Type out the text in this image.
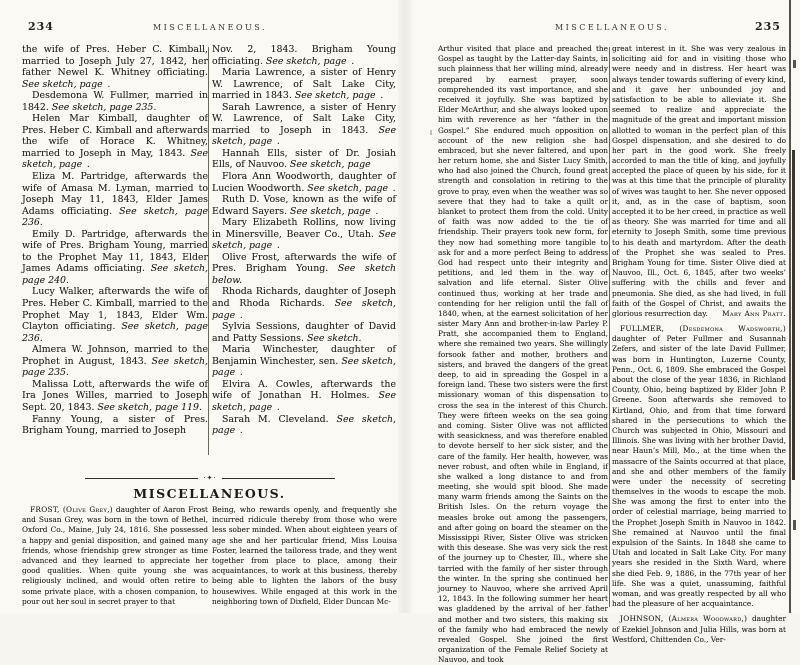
234	MISCELLANEOUS.

the wife of Pres. Heber C. Kimball, married to Joseph July 27, 1842, her father Newel K. Whitney officiating. See sketch, page .

Desdemona W. Fullmer, married in 1842. See sketch, page 235.

Helen Mar Kimball, daughter of Pres. Heber C. Kimball and afterwards the wife of Horace K. Whitney, married to Joseph in May, 1843. See sketch, page .

Eliza M. Partridge, afterwards the wife of Amasa M. Lyman, married to Joseph May 11, 1843, Elder James Adams officiating. See sketch, page 236.

Emily D. Partridge, afterwards the wife of Pres. Brigham Young, married to the Prophet May 11, 1843, Elder James Adams officiating. See sketch, page 240.

Lucy Walker, afterwards the wife of Pres. Heber C. Kimball, married to the Prophet May 1, 1843, Elder Wm. Clayton officiating. See sketch, page 236.

Almera W. Johnson, married to the Prophet in August, 1843. See sketch, page 235.

Malissa Lott, afterwards the wife of Ira Jones Willes, married to Joseph Sept. 20, 1843. See sketch, page 119.

Fanny Young, a sister of Pres. Brigham Young, married to Joseph

Nov. 2, 1843. Brigham Young officiating. See sketch, page .

Maria Lawrence, a sister of Henry W. Lawrence, of Salt Lake City, married in 1843. See sketch, page .

Sarah Lawrence, a sister of Henry W. Lawrence, of Salt Lake City, married to Joseph in 1843. See sketch, page .

Hannah Ells, sister of Dr. Josiah Ells, of Nauvoo. See sketch, page

Flora Ann Woodworth, daughter of Lucien Woodworth. See sketch, page .

Ruth D. Vose, known as the wife of Edward Sayers. See sketch, page .

Mary Elizabeth Rollins, now living in Minersville, Beaver Co., Utah. See sketch, page .

Olive Frost, afterwards the wife of Pres. Brigham Young. See sketch below.

Rhoda Richards, daughter of Joseph and Rhoda Richards. See sketch, page .

Sylvia Sessions, daughter of David and Patty Sessions. See sketch.

Maria Winchester, daughter of Benjamin Winchester, sen. See sketch, page .

Elvira A. Cowles, afterwards the wife of Jonathan H. Holmes. See sketch, page .

Sarah M. Cleveland. See sketch, page .

·✦·
MISCELLANEOUS.

FROST, (Olive Grey,) daughter of Aaron Frost and Susan Grey, was born in the town of Bethel, Oxford Co., Maine, July 24, 1816. She possessed a happy and genial disposition, and gained many friends, whose friendship grew stronger as time advanced and they learned to appreciate her good qualities. When quite young she was religiously inclined, and would often retire to some private place, with a chosen companion, to pour out her soul in secret prayer to that

Being, who rewards openly, and frequently she incurred ridicule thereby from those who were less sober minded. When about eighteen years of age she and her particular friend, Miss Louisa Foster, learned the tailoress trade, and they went together from place to place, among their acquaintances, to work at this business, thereby being able to lighten the labors of the busy housewives. While engaged at this work in the neighboring town of Dixfield, Elder Duncan Mc-

MISCELLANEOUS.	235

Arthur visited that place and preached the Gospel as taught by the Latter-day Saints, in such plainness that her willing mind, already prepared by earnest prayer, soon comprehended its vast importance, and she received it joyfully. She was baptized by Elder McArthur, and she always looked upon him with reverence as her “father in the Gospel.” She endured much opposition on account of the new religion she had embraced, but she never faltered, and upon her return home, she and Sister Lucy Smith, who had also joined the Church, found great strength and consolation in retiring to the grove to pray, even when the weather was so severe that they had to take a quilt or blanket to protect them from the cold. Unity of faith was now added to the tie of friendship. Their prayers took new form, for they now had something more tangible to ask for and a more perfect Being to address God had respect unto their integrity and petitions, and led them in the way of salvation and life eternal. Sister Olive continued thus, working at her trade and contending for her religion until the fall of 1840, when, at the earnest solicitation of her sister Mary Ann and brother-in-law Parley P. Pratt, she accompanied them to England, where she remained two years. She willingly forsook father and mother, brothers and sisters, and braved the dangers of the great deep, to aid in spreading the Gospel in a foreign land. These two sisters were the first missionary woman of this dispensation to cross the sea in the interest of this Church. They were fifteen weeks on the sea going and coming. Sister Olive was not afflicted with seasickness, and was therefore enabled to devote herself to her sick sister, and the care of the family. Her health, however, was never robust, and often while in England, if she walked a long distance to and from meeting, she would spit blood. She made many warm friends among the Saints on the British Isles. On the return voyage the measles broke out among the passengers, and after going on board the steamer on the Mississippi River, Sister Olive was stricken with this desease. She was very sick the rest of the journey up to Chester, Ill., where she tarried with the family of her sister through the winter. In the spring she continued her journey to Nauvoo, where she arrived April 12, 1843. In the following summer her heart was gladdened by the arrival of her father and mother and two sisters, this making six of the family who had embraced the newly revealed Gospel. She joined the first organization of the Female Relief Society at Nauvoo, and took

great interest in it. She was very zealous in soliciting aid for and in visiting those who were needy and in distress. Her heart was always tender towards suffering of every kind, and it gave her unbounded joy and satisfaction to be able to alleviate it. She seemed to realize and appreciate the magnitude of the great and important mission allotted to woman in the perfect plan of this Gospel dispensation, and she desired to do her part in the good work. She freely accorded to man the title of king, and joyfully accepted the place of queen by his side, for it was at this time that the principle of plurality of wives was taught to her. She never opposed it, and, as in the case of baptism, soon accepted it to be her creed, in practice as well as theory. She was married for time and all eternity to Joseph Smith, some time previous to his death and martyrdom. After the death of the Prophet she was sealed to Pres. Brigham Young for time. Sister Olive died at Nauvoo, Ill., Oct. 6, 1845, after two weeks’ suffering with the chills and fever and pneumonia. She died, as she had lived, in full faith of the Gospel of Christ, and awaits the glorious resurrection day. Mary Ann Pratt.

FULLMER, (Desdemona Wadsworth,) daughter of Peter Fullmer and Susannah Zefers, and sister of the late David Fullmer, was born in Huntington, Luzerne County, Penn., Oct. 6, 1809. She embraced the Gospel about the close of the year 1836, in Richland County, Ohio, being baptized by Elder John P. Greene. Soon afterwards she removed to Kirtland, Ohio, and from that time forward shared in the persecutions to which the Church was subjected in Ohio, Missouri and Illinois. She was living with her brother David, near Haun’s Mill, Mo., at the time when the massacre of the Saints occurred at that place, and she and other members of the family were under the necessity of secreting themselves in the woods to escape the mob. She was among the first to enter into the order of celestial marriage, being married to the Prophet Joseph Smith in Nauvoo in 1842. She remained at Nauvoo until the final expulsion of the Saints. In 1848 she came to Utah and located in Salt Lake City. For many years she resided in the Sixth Ward, where she died Feb. 9, 1886, in the 77th year of her life. She was a quiet, unassuming, faithful woman, and was greatly respected by all who had the pleasure of her acquaintance.

JOHNSON, (Almera Woodward,) daughter of Ezekiel Johnson and Julia Hills, was born at Westford, Chittenden Co., Ver-
